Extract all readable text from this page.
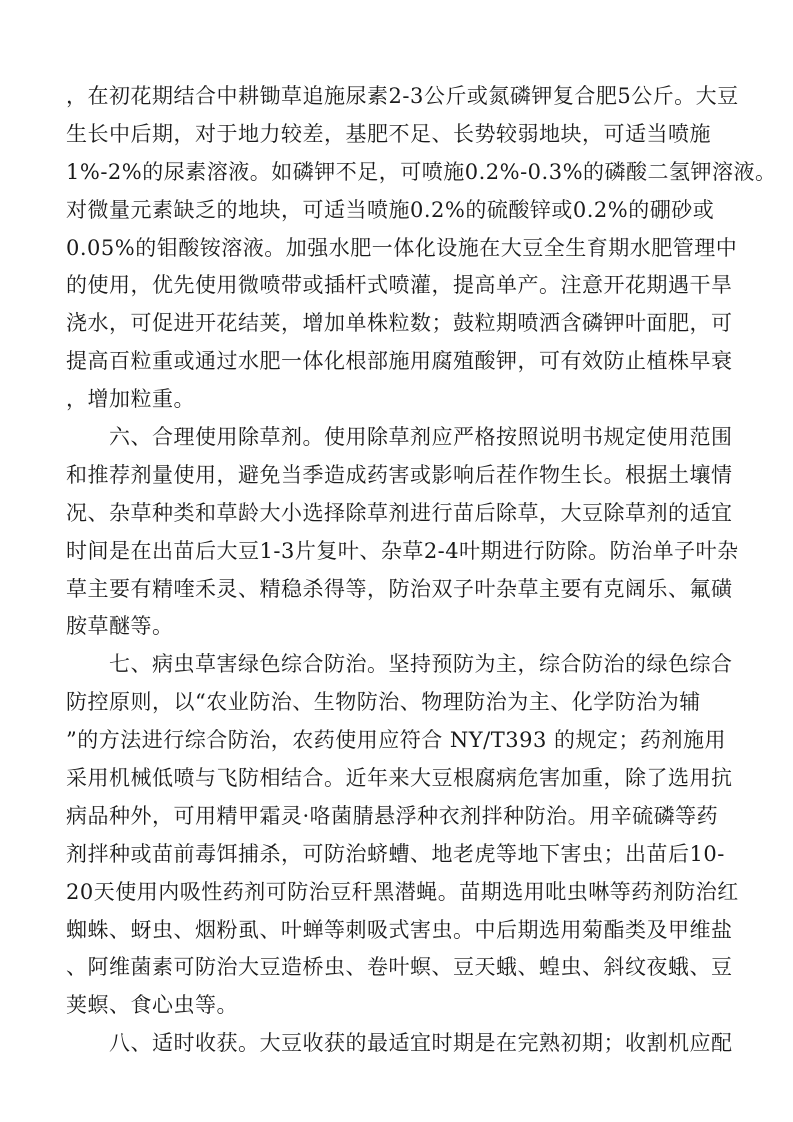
，在初花期结合中耕锄草追施尿素2-3公斤或氮磷钾复合肥5公斤。大豆
生长中后期，对于地力较差，基肥不足、长势较弱地块，可适当喷施
1%-2%的尿素溶液。如磷钾不足，可喷施0.2%-0.3%的磷酸二氢钾溶液。
对微量元素缺乏的地块，可适当喷施0.2%的硫酸锌或0.2%的硼砂或
0.05%的钼酸铵溶液。加强水肥一体化设施在大豆全生育期水肥管理中
的使用，优先使用微喷带或插杆式喷灌，提高单产。注意开花期遇干旱
浇水，可促进开花结荚，增加单株粒数；鼓粒期喷洒含磷钾叶面肥，可
提高百粒重或通过水肥一体化根部施用腐殖酸钾，可有效防止植株早衰
，增加粒重。
　　六、合理使用除草剂。使用除草剂应严格按照说明书规定使用范围
和推荐剂量使用，避免当季造成药害或影响后茬作物生长。根据土壤情
况、杂草种类和草龄大小选择除草剂进行苗后除草，大豆除草剂的适宜
时间是在出苗后大豆1-3片复叶、杂草2-4叶期进行防除。防治单子叶杂
草主要有精喹禾灵、精稳杀得等，防治双子叶杂草主要有克阔乐、氟磺
胺草醚等。
　　七、病虫草害绿色综合防治。坚持预防为主，综合防治的绿色综合
防控原则，以“农业防治、生物防治、物理防治为主、化学防治为辅
”的方法进行综合防治，农药使用应符合 NY/T393 的规定；药剂施用
采用机械低喷与飞防相结合。近年来大豆根腐病危害加重，除了选用抗
病品种外，可用精甲霜灵·咯菌腈悬浮种衣剂拌种防治。用辛硫磷等药
剂拌种或苗前毒饵捕杀，可防治蛴螬、地老虎等地下害虫；出苗后10-
20天使用内吸性药剂可防治豆秆黑潜蝇。苗期选用吡虫啉等药剂防治红
蜘蛛、蚜虫、烟粉虱、叶蝉等刺吸式害虫。中后期选用菊酯类及甲维盐
、阿维菌素可防治大豆造桥虫、卷叶螟、豆天蛾、蝗虫、斜纹夜蛾、豆
荚螟、食心虫等。
　　八、适时收获。大豆收获的最适宜时期是在完熟初期；收割机应配
